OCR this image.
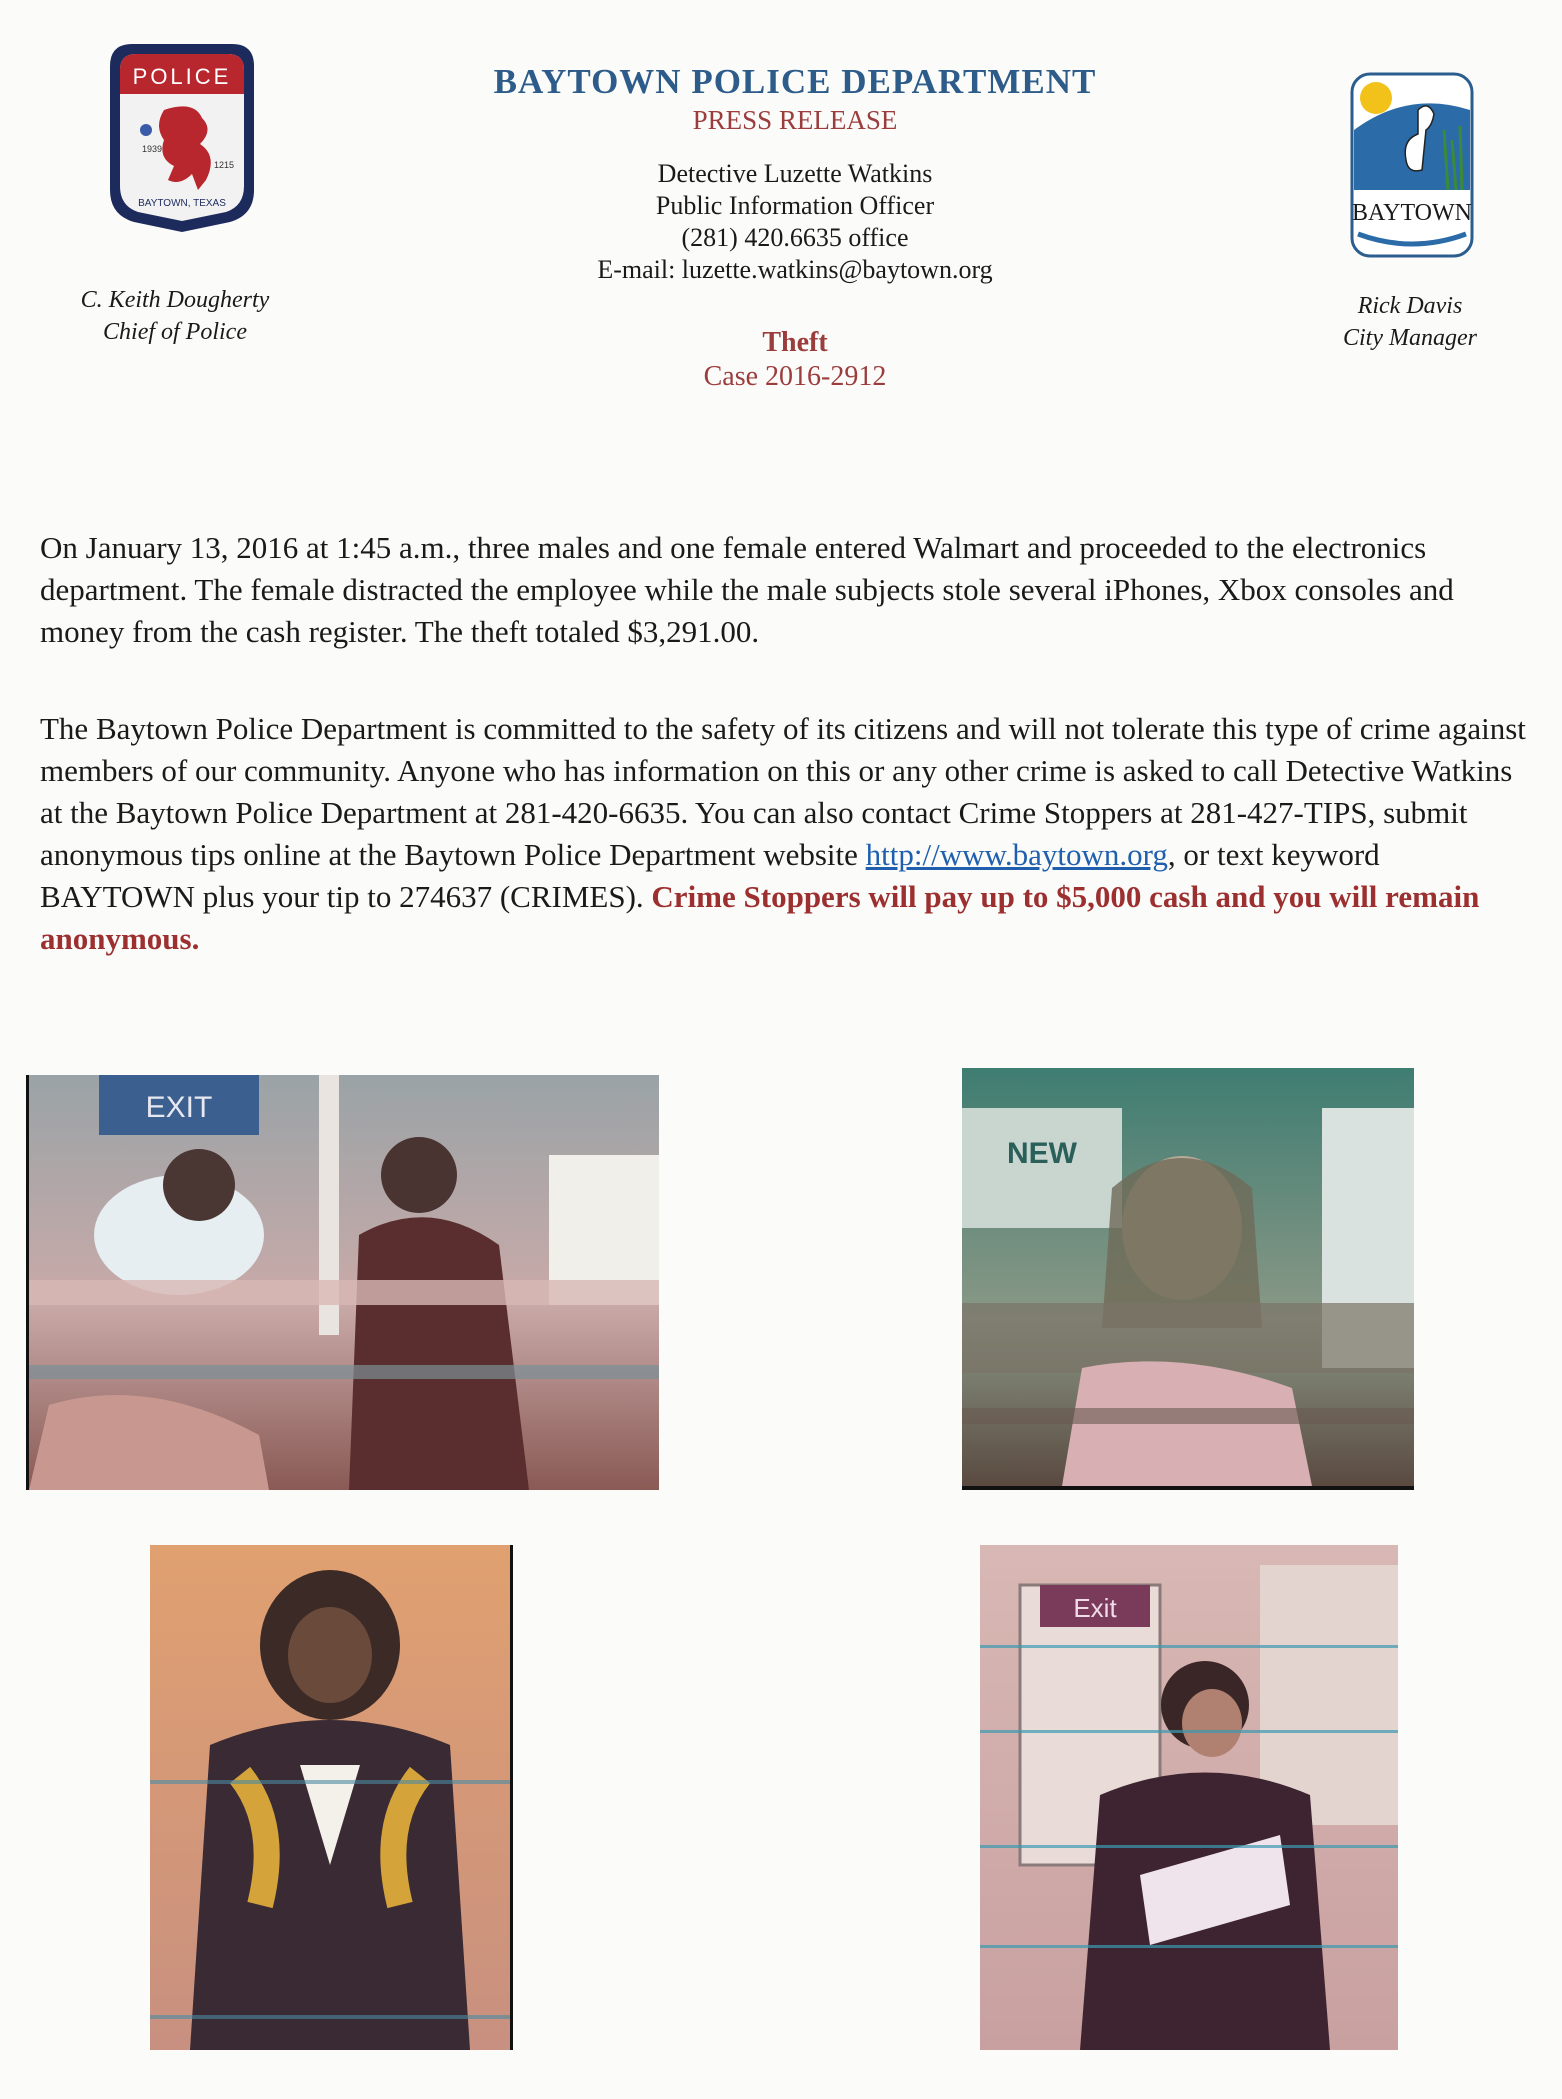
POLICE
1939
1215
BAYTOWN, TEXAS
BAYTOWN POLICE DEPARTMENT
PRESS RELEASE
Detective Luzette Watkins
Public Information Officer
(281) 420.6635 office
E-mail: luzette.watkins@baytown.org
Theft
Case 2016-2912
BAYTOWN
C. Keith Dougherty
Chief of Police
Rick Davis
City Manager
On January 13, 2016 at 1:45 a.m., three males and one female entered Walmart and proceeded to the electronics department. The female distracted the employee while the male subjects stole several iPhones, Xbox consoles and money from the cash register. The theft totaled $3,291.00.
The Baytown Police Department is committed to the safety of its citizens and will not tolerate this type of crime against members of our community. Anyone who has information on this or any other crime is asked to call Detective Watkins at the Baytown Police Department at 281-420-6635. You can also contact Crime Stoppers at 281-427-TIPS, submit anonymous tips online at the Baytown Police Department website http://www.baytown.org, or text keyword BAYTOWN plus your tip to 274637 (CRIMES). Crime Stoppers will pay up to $5,000 cash and you will remain anonymous.
EXIT
NEW
Exit
